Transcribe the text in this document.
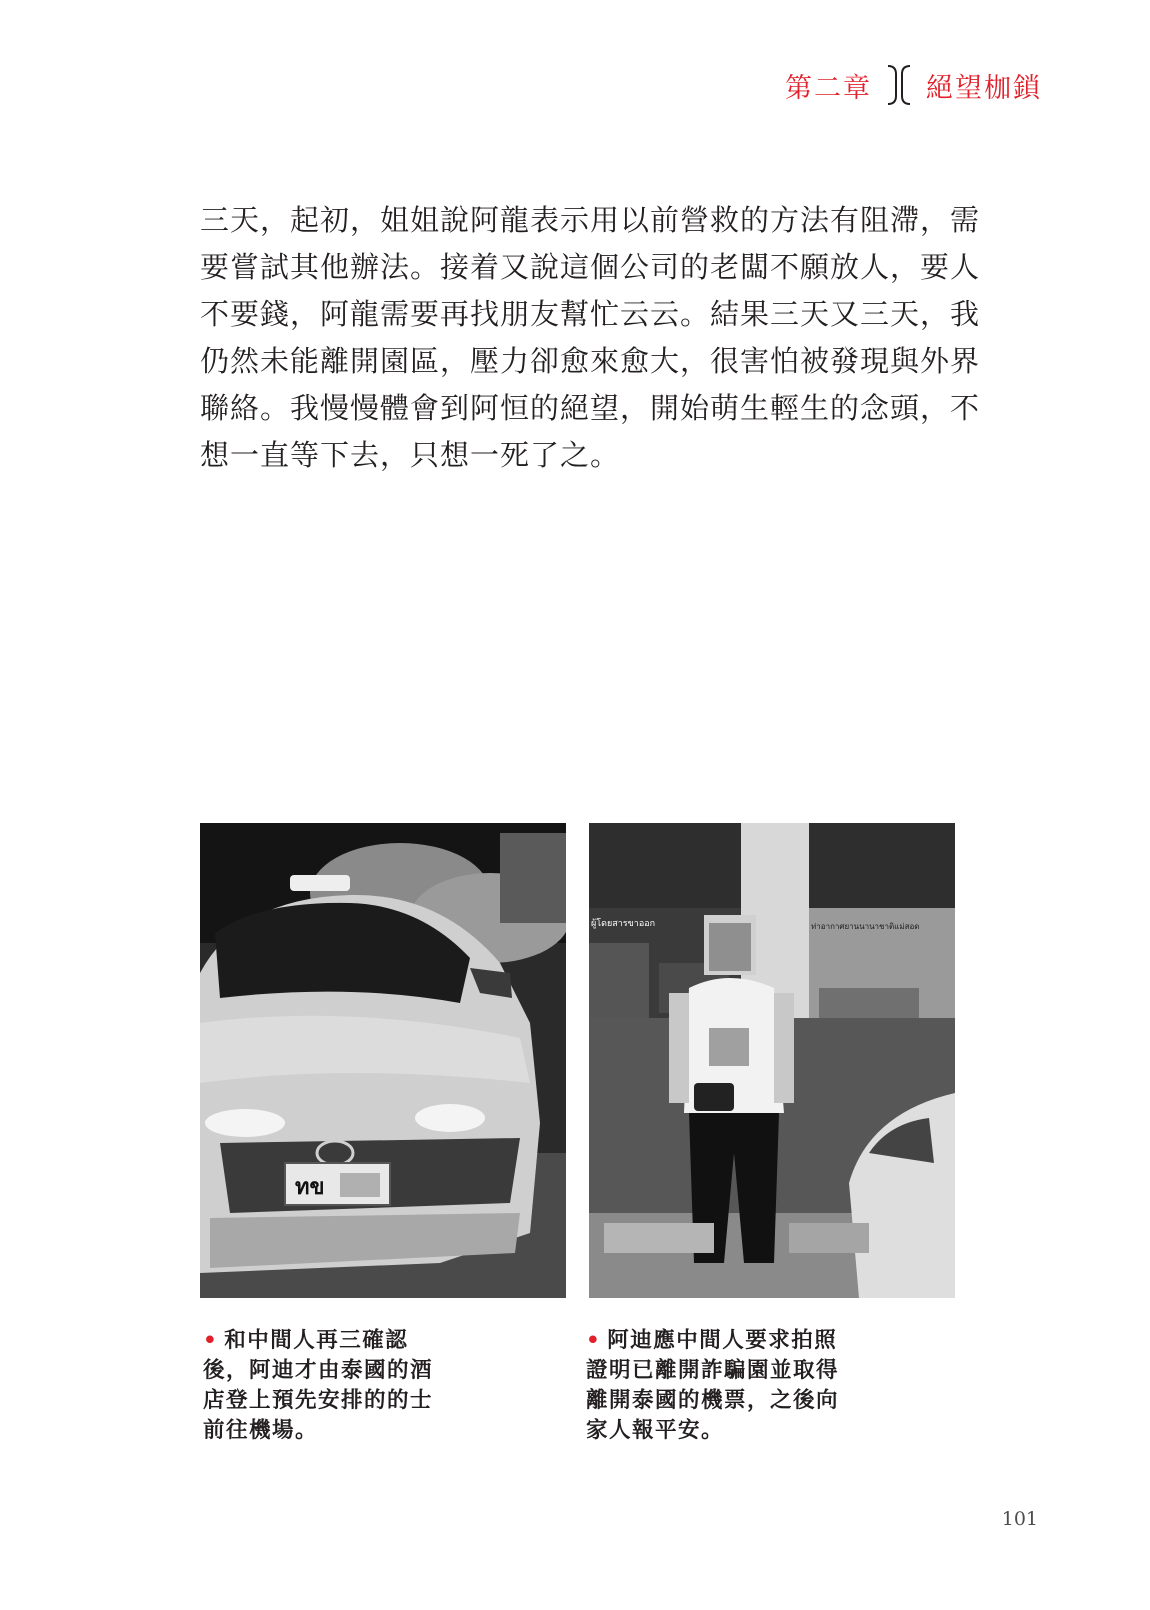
第二章 絕望枷鎖

三天，起初，姐姐說阿龍表示用以前營救的方法有阻滯，需
要嘗試其他辦法。接着又說這個公司的老闆不願放人，要人
不要錢，阿龍需要再找朋友幫忙云云。結果三天又三天，我
仍然未能離開園區，壓力卻愈來愈大，很害怕被發現與外界
聯絡。我慢慢體會到阿恒的絕望，開始萌生輕生的念頭，不
想一直等下去，只想一死了之。

ทข
ผู้โดยสารขาออก	ท่าอากาศยานนานาชาติแม่สอด

• 和中間人再三確認
後，阿迪才由泰國的酒
店登上預先安排的的士
前往機場。

• 阿迪應中間人要求拍照
證明已離開詐騙園並取得
離開泰國的機票，之後向
家人報平安。

101
